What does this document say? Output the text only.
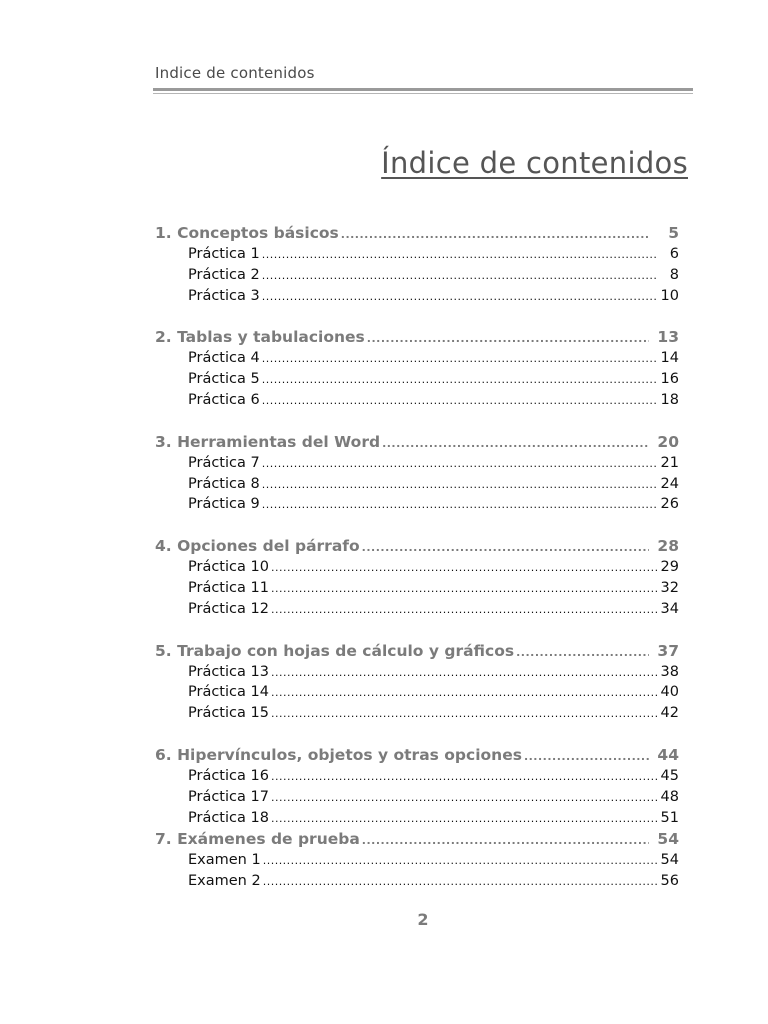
Indice de contenidos
Índice de contenidos
1. Conceptos básicos .....	5
Práctica 1 .....	6
Práctica 2 .....	8
Práctica 3 .....	10
2. Tablas y tabulaciones .....	13
Práctica 4 .....	14
Práctica 5 .....	16
Práctica 6 .....	18
3. Herramientas del Word .....	20
Práctica 7 .....	21
Práctica 8 .....	24
Práctica 9 .....	26
4. Opciones del párrafo .....	28
Práctica 10 .....	29
Práctica 11 .....	32
Práctica 12 .....	34
5. Trabajo con hojas de cálculo y gráficos .....	37
Práctica 13 .....	38
Práctica 14 .....	40
Práctica 15 .....	42
6. Hipervínculos, objetos y otras opciones .....	44
Práctica 16 .....	45
Práctica 17 .....	48
Práctica 18 .....	51
7. Exámenes de prueba .....	54
Examen 1 .....	54
Examen 2 .....	56
2
